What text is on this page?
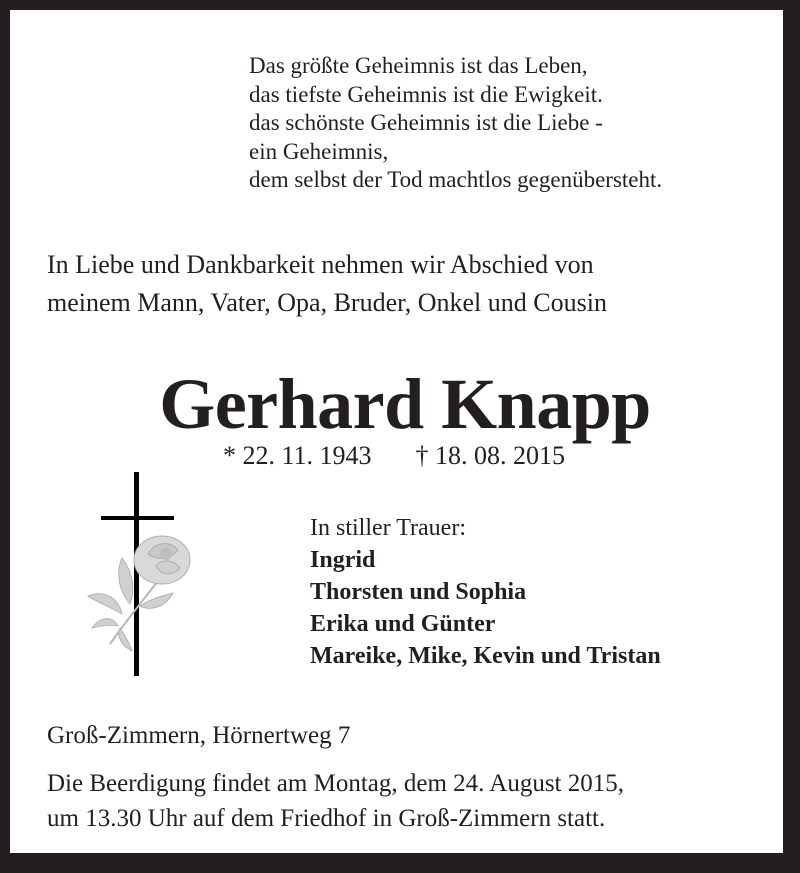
Das größte Geheimnis ist das Leben,
das tiefste Geheimnis ist die Ewigkeit.
das schönste Geheimnis ist die Liebe -
ein Geheimnis,
dem selbst der Tod machtlos gegenübersteht.
In Liebe und Dankbarkeit nehmen wir Abschied von
meinem Mann, Vater, Opa, Bruder, Onkel und Cousin
Gerhard Knapp
* 22. 11. 1943 † 18. 08. 2015
In stiller Trauer:
Ingrid
Thorsten und Sophia
Erika und Günter
Mareike, Mike, Kevin und Tristan
Groß-Zimmern, Hörnertweg 7
Die Beerdigung findet am Montag, dem 24. August 2015,
um 13.30 Uhr auf dem Friedhof in Groß-Zimmern statt.
